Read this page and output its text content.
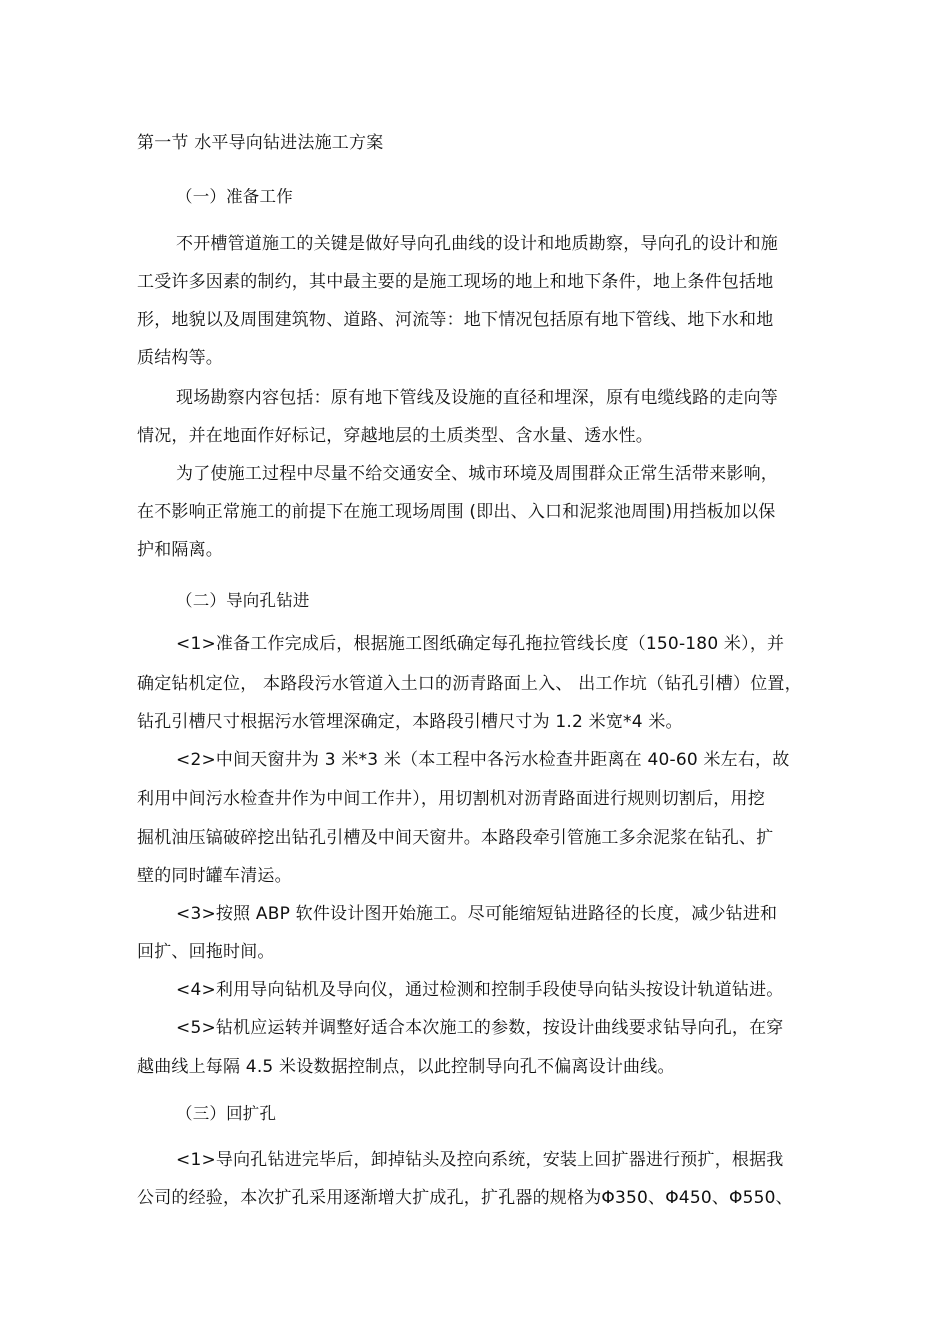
第一节 水平导向钻进法施工方案
（一）准备工作
不开槽管道施工的关键是做好导向孔曲线的设计和地质勘察，导向孔的设计和施
工受许多因素的制约，其中最主要的是施工现场的地上和地下条件，地上条件包括地
形，地貌以及周围建筑物、道路、河流等：地下情况包括原有地下管线、地下水和地
质结构等。
现场勘察内容包括：原有地下管线及设施的直径和埋深，原有电缆线路的走向等
情况，并在地面作好标记，穿越地层的土质类型、含水量、透水性。
为了使施工过程中尽量不给交通安全、城市环境及周围群众正常生活带来影响，
在不影响正常施工的前提下在施工现场周围 (即出、入口和泥浆池周围)用挡板加以保
护和隔离。
（二）导向孔钻进
<1>准备工作完成后，根据施工图纸确定每孔拖拉管线长度（150-180 米），并
确定钻机定位， 本路段污水管道入土口的沥青路面上入、 出工作坑（钻孔引槽）位置，
钻孔引槽尺寸根据污水管埋深确定，本路段引槽尺寸为 1.2 米宽*4 米。
<2>中间天窗井为 3 米*3 米（本工程中各污水检查井距离在 40-60 米左右，故
利用中间污水检查井作为中间工作井），用切割机对沥青路面进行规则切割后，用挖
掘机油压镐破碎挖出钻孔引槽及中间天窗井。本路段牵引管施工多余泥浆在钻孔、扩
壁的同时罐车清运。
<3>按照 ABP 软件设计图开始施工。尽可能缩短钻进路径的长度，减少钻进和
回扩、回拖时间。
<4>利用导向钻机及导向仪，通过检测和控制手段使导向钻头按设计轨道钻进。
<5>钻机应运转并调整好适合本次施工的参数，按设计曲线要求钻导向孔，在穿
越曲线上每隔 4.5 米设数据控制点，以此控制导向孔不偏离设计曲线。
（三）回扩孔
<1>导向孔钻进完毕后，卸掉钻头及控向系统，安装上回扩器进行预扩，根据我
公司的经验，本次扩孔采用逐渐增大扩成孔，扩孔器的规格为Φ350、Φ450、Φ550、
